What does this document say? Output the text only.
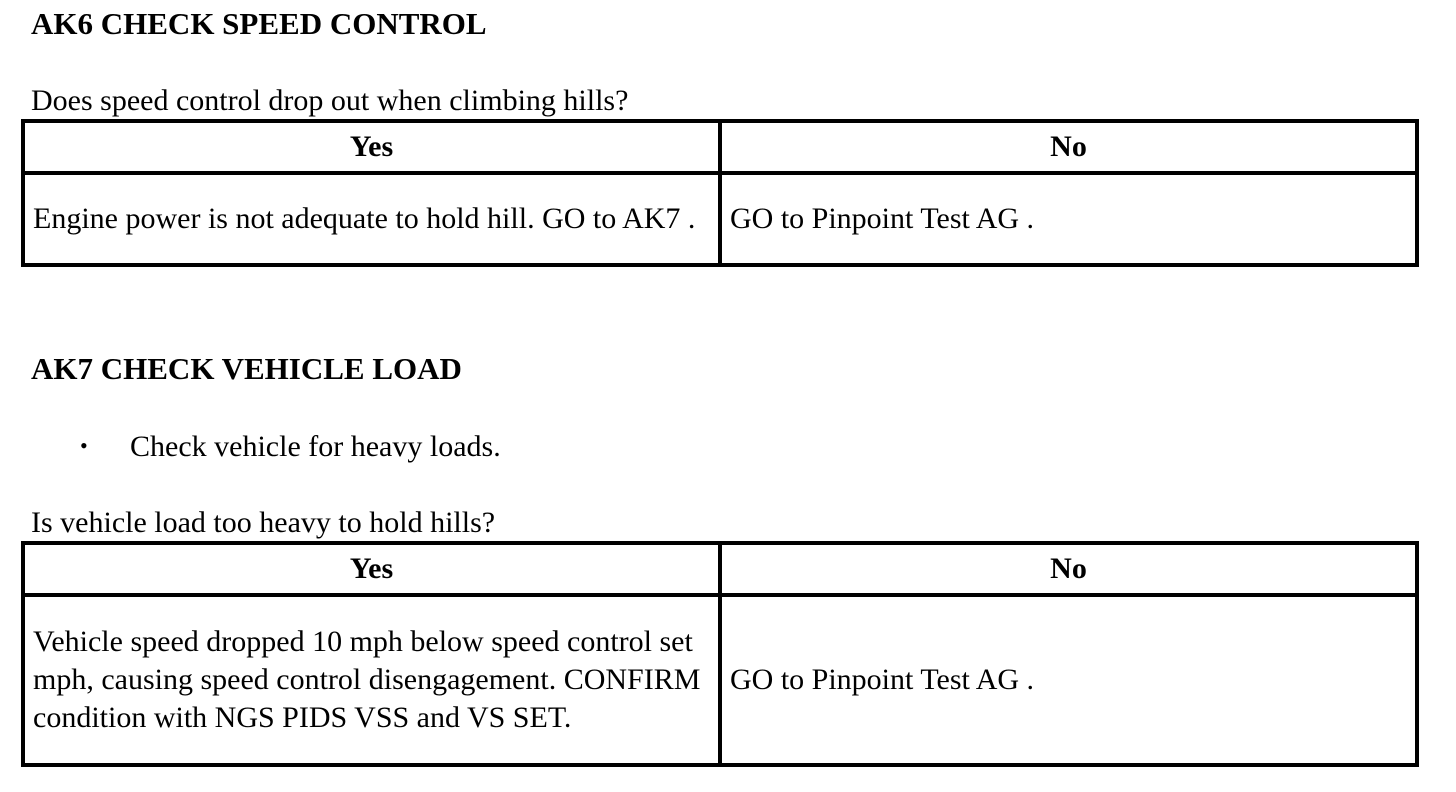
AK6 CHECK SPEED CONTROL

Does speed control drop out when climbing hills?

Yes	No
Engine power is not adequate to hold hill. GO to AK7 .	GO to Pinpoint Test AG .
AK7 CHECK VEHICLE LOAD
• Check vehicle for heavy loads.

Is vehicle load too heavy to hold hills?

Yes	No
Vehicle speed dropped 10 mph below speed control set mph, causing speed control disengagement. CONFIRM condition with NGS PIDS VSS and VS SET.	GO to Pinpoint Test AG .
